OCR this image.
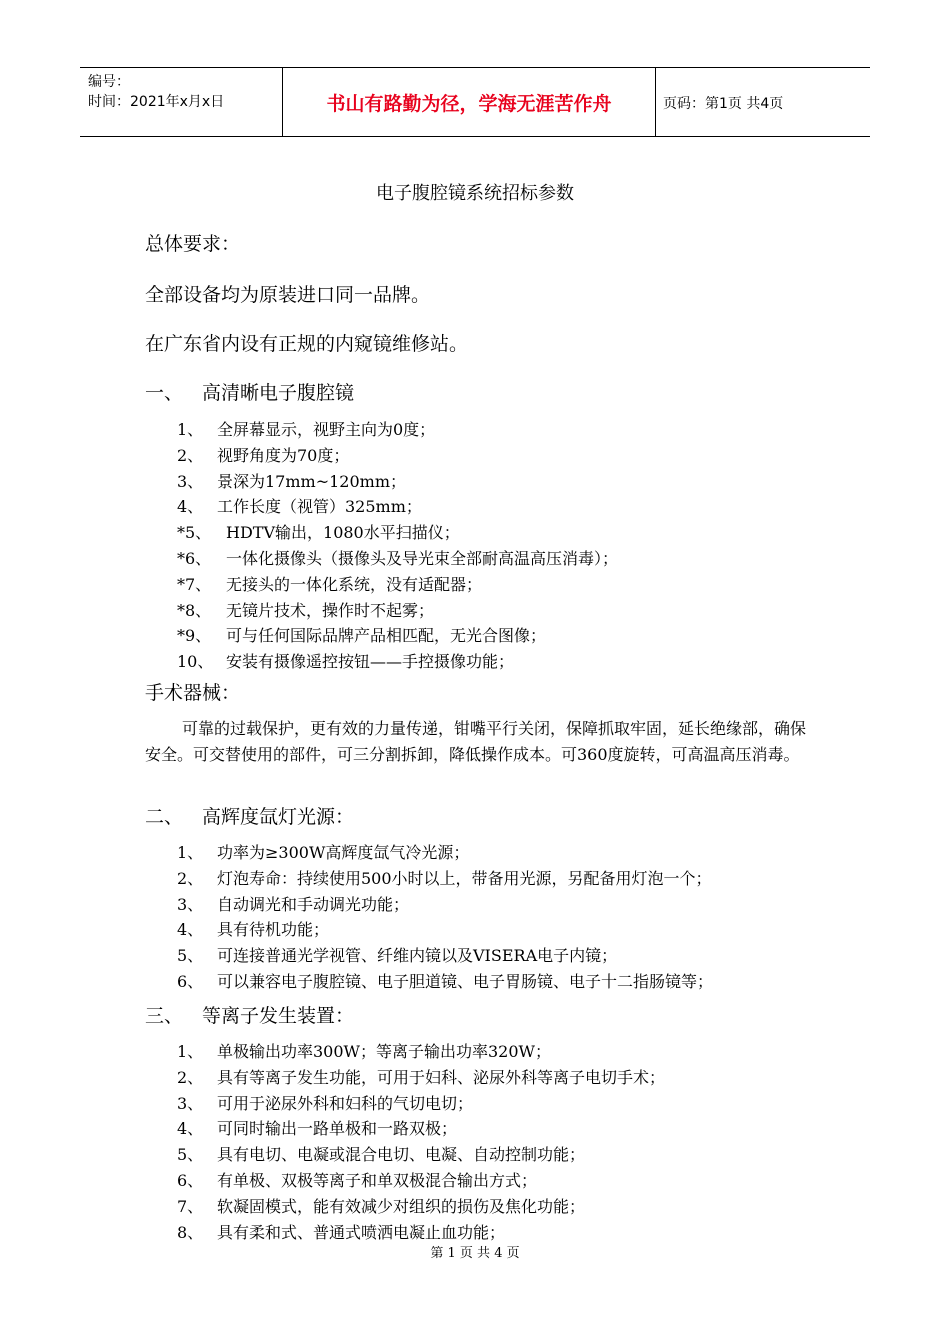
编号：
时间：2021年x月x日	书山有路勤为径，学海无涯苦作舟	页码：第1页 共4页
电子腹腔镜系统招标参数
总体要求：
全部设备均为原装进口同一品牌。
在广东省内设有正规的内窥镜维修站。
一、 高清晰电子腹腔镜
1、 全屏幕显示，视野主向为0度；
2、 视野角度为70度；
3、 景深为17mm~120mm；
4、 工作长度（视管）325mm；
*5、 HDTV输出，1080水平扫描仪；
*6、 一体化摄像头（摄像头及导光束全部耐高温高压消毒）；
*7、 无接头的一体化系统，没有适配器；
*8、 无镜片技术，操作时不起雾；
*9、 可与任何国际品牌产品相匹配，无光合图像；
10、 安装有摄像遥控按钮——手控摄像功能；
手术器械：
可靠的过载保护，更有效的力量传递，钳嘴平行关闭，保障抓取牢固，延长绝缘部，确保安全。可交替使用的部件，可三分割拆卸，降低操作成本。可360度旋转，可高温高压消毒。
二、 高辉度氙灯光源：
1、 功率为≥300W高辉度氙气冷光源；
2、 灯泡寿命：持续使用500小时以上，带备用光源，另配备用灯泡一个；
3、 自动调光和手动调光功能；
4、 具有待机功能；
5、 可连接普通光学视管、纤维内镜以及VISERA电子内镜；
6、 可以兼容电子腹腔镜、电子胆道镜、电子胃肠镜、电子十二指肠镜等；
三、 等离子发生装置：
1、 单极输出功率300W；等离子输出功率320W；
2、 具有等离子发生功能，可用于妇科、泌尿外科等离子电切手术；
3、 可用于泌尿外科和妇科的气切电切；
4、 可同时输出一路单极和一路双极；
5、 具有电切、电凝或混合电切、电凝、自动控制功能；
6、 有单极、双极等离子和单双极混合输出方式；
7、 软凝固模式，能有效减少对组织的损伤及焦化功能；
8、 具有柔和式、普通式喷洒电凝止血功能；
第 1 页 共 4 页
